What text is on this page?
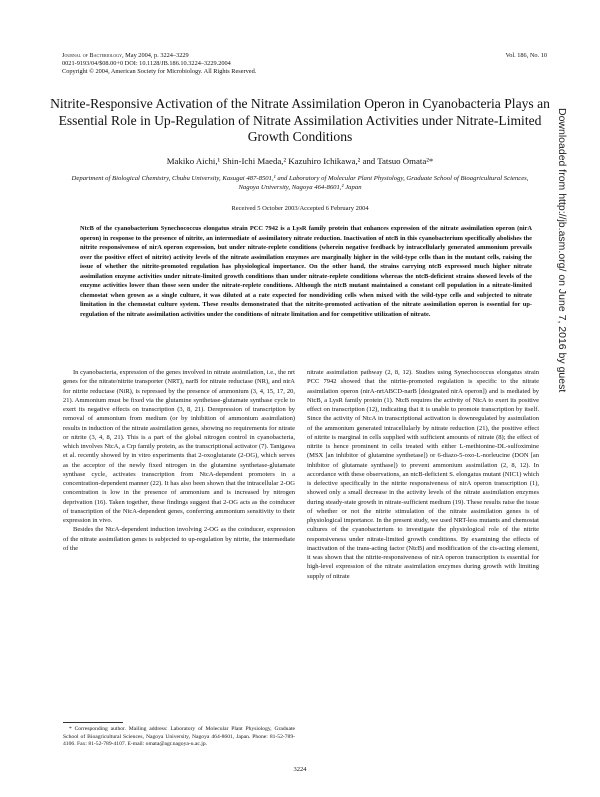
Journal of Bacteriology, May 2004, p. 3224–3229
0021-9193/04/$08.00+0 DOI: 10.1128/JB.186.10.3224–3229.2004
Copyright © 2004, American Society for Microbiology. All Rights Reserved.
Vol. 186, No. 10
Nitrite-Responsive Activation of the Nitrate Assimilation Operon in Cyanobacteria Plays an Essential Role in Up-Regulation of Nitrate Assimilation Activities under Nitrate-Limited Growth Conditions
Makiko Aichi,¹ Shin-Ichi Maeda,² Kazuhiro Ichikawa,² and Tatsuo Omata²*
Department of Biological Chemistry, Chubu University, Kasugai 487-8501,¹ and Laboratory of Molecular Plant Physiology, Graduate School of Bioagricultural Sciences, Nagoya University, Nagoya 464-8601,² Japan
Received 5 October 2003/Accepted 6 February 2004
NtcB of the cyanobacterium Synechococcus elongatus strain PCC 7942 is a LysR family protein that enhances expression of the nitrate assimilation operon (nirA operon) in response to the presence of nitrite, an intermediate of assimilatory nitrate reduction. Inactivation of ntcB in this cyanobacterium specifically abolishes the nitrite responsiveness of nirA operon expression, but under nitrate-replete conditions (wherein negative feedback by intracellularly generated ammonium prevails over the positive effect of nitrite) activity levels of the nitrate assimilation enzymes are marginally higher in the wild-type cells than in the mutant cells, raising the issue of whether the nitrite-promoted regulation has physiological importance. On the other hand, the strains carrying ntcB expressed much higher nitrate assimilation enzyme activities under nitrate-limited growth conditions than under nitrate-replete conditions whereas the ntcB-deficient strains showed levels of the enzyme activities lower than those seen under the nitrate-replete conditions. Although the ntcB mutant maintained a constant cell population in a nitrate-limited chemostat when grown as a single culture, it was diluted at a rate expected for nondividing cells when mixed with the wild-type cells and subjected to nitrate limitation in the chemostat culture system. These results demonstrated that the nitrite-promoted activation of the nitrate assimilation operon is essential for up-regulation of the nitrate assimilation activities under the conditions of nitrate limitation and for competitive utilization of nitrate.

In cyanobacteria, expression of the genes involved in nitrate assimilation, i.e., the nrt genes for the nitrate/nitrite transporter (NRT), narB for nitrate reductase (NR), and nirA for nitrite reductase (NiR), is repressed by the presence of ammonium (3, 4, 15, 17, 20, 21). Ammonium must be fixed via the glutamine synthetase-glutamate synthase cycle to exert its negative effects on transcription (3, 8, 21). Derepression of transcription by removal of ammonium from medium (or by inhibition of ammonium assimilation) results in induction of the nitrate assimilation genes, showing no requirements for nitrate or nitrite (3, 4, 8, 21). This is a part of the global nitrogen control in cyanobacteria, which involves NtcA, a Crp family protein, as the transcriptional activator (7). Tanigawa et al. recently showed by in vitro experiments that 2-oxoglutarate (2-OG), which serves as the acceptor of the newly fixed nitrogen in the glutamine synthetase-glutamate synthase cycle, activates transcription from NtcA-dependent promoters in a concentration-dependent manner (22). It has also been shown that the intracellular 2-OG concentration is low in the presence of ammonium and is increased by nitrogen deprivation (16). Taken together, these findings suggest that 2-OG acts as the coinducer of transcription of the NtcA-dependent genes, conferring ammonium sensitivity to their expression in vivo.

Besides the NtcA-dependent induction involving 2-OG as the coinducer, expression of the nitrate assimilation genes is subjected to up-regulation by nitrite, the intermediate of the

nitrate assimilation pathway (2, 8, 12). Studies using Synechococcus elongatus strain PCC 7942 showed that the nitrite-promoted regulation is specific to the nitrate assimilation operon (nirA-nrtABCD-narB [designated nirA operon]) and is mediated by NtcB, a LysR family protein (1). NtcB requires the activity of NtcA to exert its positive effect on transcription (12), indicating that it is unable to promote transcription by itself. Since the activity of NtcA in transcriptional activation is downregulated by assimilation of the ammonium generated intracellularly by nitrate reduction (21), the positive effect of nitrite is marginal in cells supplied with sufficient amounts of nitrate (8); the effect of nitrite is hence prominent in cells treated with either L-methionine-DL-sulfoximine (MSX [an inhibitor of glutamine synthetase]) or 6-diazo-5-oxo-L-norleucine (DON [an inhibitor of glutamate synthase]) to prevent ammonium assimilation (2, 8, 12). In accordance with these observations, an ntcB-deficient S. elongatus mutant (NIC1) which is defective specifically in the nitrite responsiveness of nirA operon transcription (1), showed only a small decrease in the activity levels of the nitrate assimilation enzymes during steady-state growth in nitrate-sufficient medium (19). These results raise the issue of whether or not the nitrite stimulation of the nitrate assimilation genes is of physiological importance. In the present study, we used NRT-less mutants and chemostat cultures of the cyanobacterium to investigate the physiological role of the nitrite responsiveness under nitrate-limited growth conditions. By examining the effects of inactivation of the trans-acting factor (NtcB) and modification of the cis-acting element, it was shown that the nitrite-responsiveness of nirA operon transcription is essential for high-level expression of the nitrate assimilation enzymes during growth with limiting supply of nitrate

* Corresponding author. Mailing address: Laboratory of Molecular Plant Physiology, Graduate School of Bioagricultural Sciences, Nagoya University, Nagoya 464-8601, Japan. Phone: 81-52-789-4106. Fax: 81-52-789-4107. E-mail: omata@agr.nagoya-u.ac.jp.

3224
Downloaded from http://jb.asm.org/ on June 7, 2016 by guest
